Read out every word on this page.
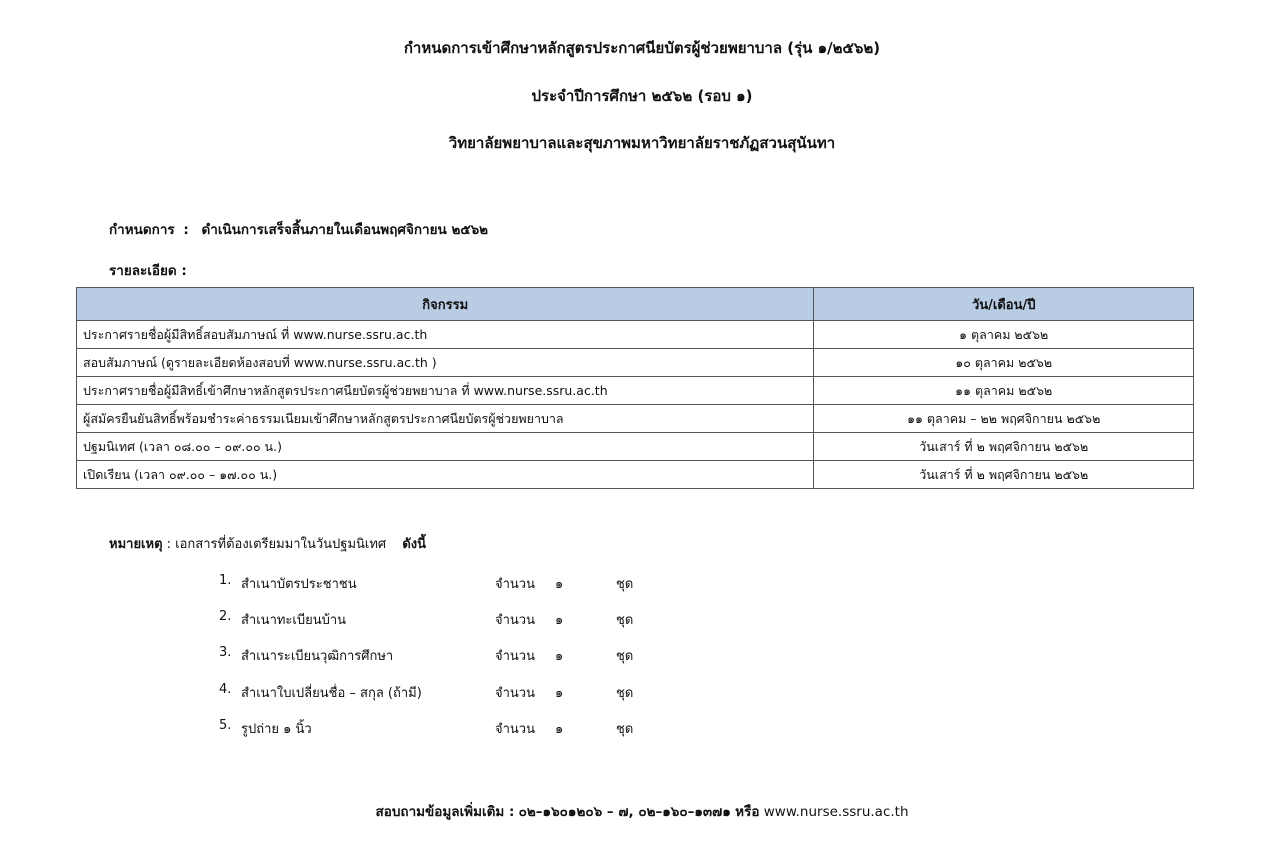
กำหนดการเข้าศึกษาหลักสูตรประกาศนียบัตรผู้ช่วยพยาบาล (รุ่น ๑/๒๕๖๒)
ประจำปีการศึกษา ๒๕๖๒ (รอบ ๑)
วิทยาลัยพยาบาลและสุขภาพมหาวิทยาลัยราชภัฏสวนสุนันทา
กำหนดการ : ดำเนินการเสร็จสิ้นภายในเดือนพฤศจิกายน ๒๕๖๒
รายละเอียด :
กิจกรรม	วัน/เดือน/ปี
ประกาศรายชื่อผู้มีสิทธิ์สอบสัมภาษณ์ ที่ www.nurse.ssru.ac.th	๑ ตุลาคม ๒๕๖๒
สอบสัมภาษณ์ (ดูรายละเอียดห้องสอบที่ www.nurse.ssru.ac.th )	๑๐ ตุลาคม ๒๕๖๒
ประกาศรายชื่อผู้มีสิทธิ์เข้าศึกษาหลักสูตรประกาศนียบัตรผู้ช่วยพยาบาล ที่ www.nurse.ssru.ac.th	๑๑ ตุลาคม ๒๕๖๒
ผู้สมัครยืนยันสิทธิ์พร้อมชำระค่าธรรมเนียมเข้าศึกษาหลักสูตรประกาศนียบัตรผู้ช่วยพยาบาล	๑๑ ตุลาคม – ๒๒ พฤศจิกายน ๒๕๖๒
ปฐมนิเทศ (เวลา ๐๘.๐๐ – ๐๙.๐๐ น.)	วันเสาร์ ที่ ๒ พฤศจิกายน ๒๕๖๒
เปิดเรียน (เวลา ๐๙.๐๐ – ๑๗.๐๐ น.)	วันเสาร์ ที่ ๒ พฤศจิกายน ๒๕๖๒
หมายเหตุ : เอกสารที่ต้องเตรียมมาในวันปฐมนิเทศ ดังนี้
1. สำเนาบัตรประชาชน	จำนวน ๑	ชุด
2. สำเนาทะเบียนบ้าน	จำนวน ๑	ชุด
3. สำเนาระเบียนวุฒิการศึกษา	จำนวน ๑	ชุด
4. สำเนาใบเปลี่ยนชื่อ – สกุล (ถ้ามี)	จำนวน ๑	ชุด
5. รูปถ่าย ๑ นิ้ว	จำนวน ๑	ชุด
สอบถามข้อมูลเพิ่มเติม : ๐๒–๑๖๐๑๒๐๖ – ๗, ๐๒–๑๖๐–๑๓๗๑ หรือ www.nurse.ssru.ac.th
